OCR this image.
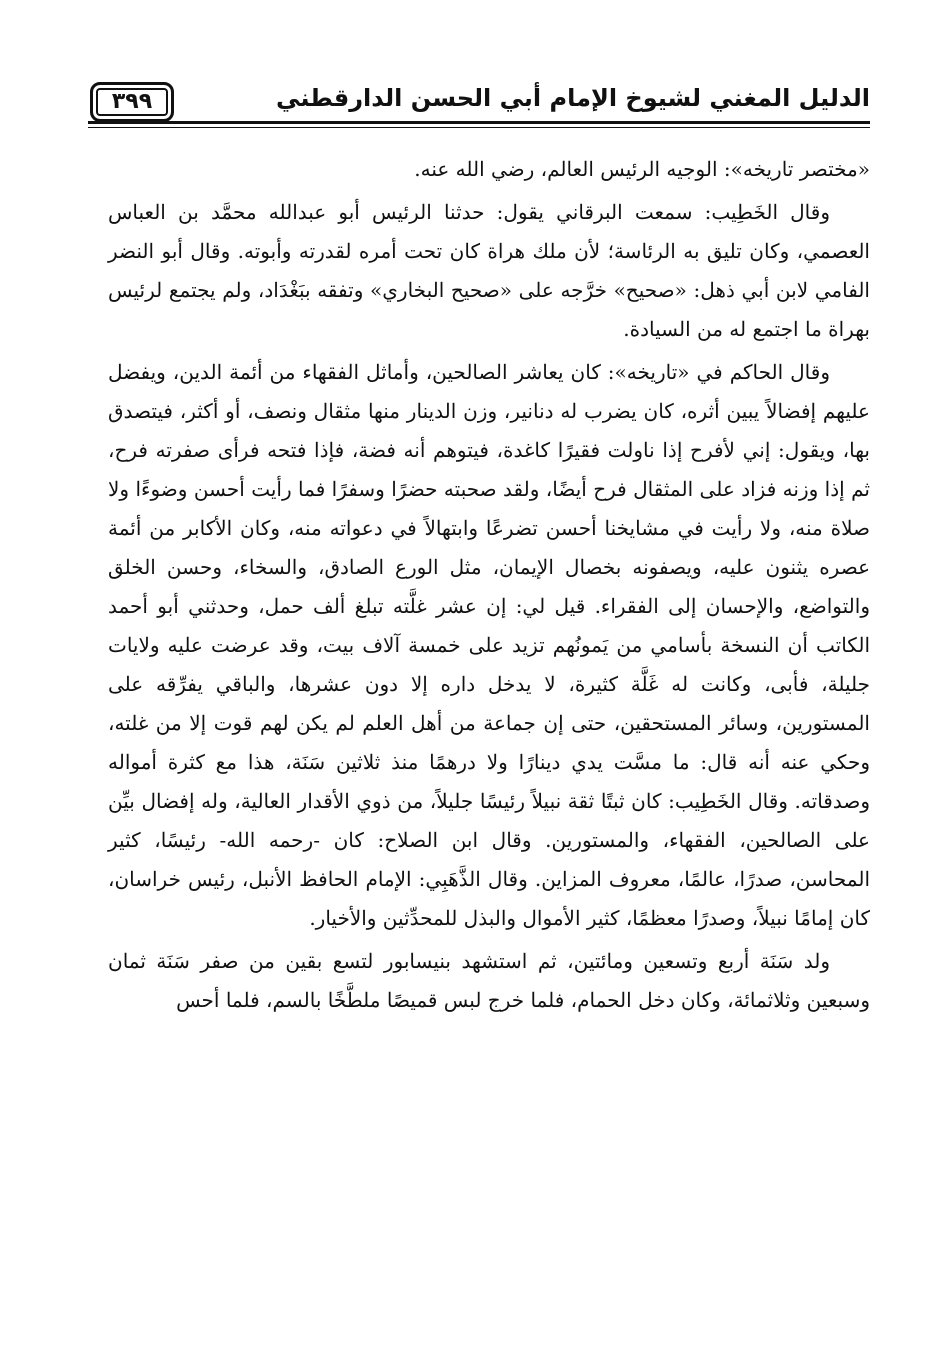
٣٩٩	الدليل المغني لشيوخ الإمام أبي الحسن الدارقطني

«مختصر تاريخه»: الوجيه الرئيس العالم، رضي الله عنه.

وقال الخَطِيب: سمعت البرقاني يقول: حدثنا الرئيس أبو عبدالله محمَّد بن العباس العصمي، وكان تليق به الرئاسة؛ لأن ملك هراة كان تحت أمره لقدرته وأبوته. وقال أبو النضر الفامي لابن أبي ذهل: «صحيح» خرَّجه على «صحيح البخاري» وتفقه ببَغْدَاد، ولم يجتمع لرئيس بهراة ما اجتمع له من السيادة.

وقال الحاكم في «تاريخه»: كان يعاشر الصالحين، وأماثل الفقهاء من أئمة الدين، ويفضل عليهم إفضالاً يبين أثره، كان يضرب له دنانير، وزن الدينار منها مثقال ونصف، أو أكثر، فيتصدق بها، ويقول: إني لأفرح إذا ناولت فقيرًا كاغدة، فيتوهم أنه فضة، فإذا فتحه فرأى صفرته فرح، ثم إذا وزنه فزاد على المثقال فرح أيضًا، ولقد صحبته حضرًا وسفرًا فما رأيت أحسن وضوءًا ولا صلاة منه، ولا رأيت في مشايخنا أحسن تضرعًا وابتهالاً في دعواته منه، وكان الأكابر من أئمة عصره يثنون عليه، ويصفونه بخصال الإيمان، مثل الورع الصادق، والسخاء، وحسن الخلق والتواضع، والإحسان إلى الفقراء. قيل لي: إن عشر غلَّته تبلغ ألف حمل، وحدثني أبو أحمد الكاتب أن النسخة بأسامي من يَمونُهم تزيد على خمسة آلاف بيت، وقد عرضت عليه ولايات جليلة، فأبى، وكانت له غَلَّة كثيرة، لا يدخل داره إلا دون عشرها، والباقي يفرِّقه على المستورين، وسائر المستحقين، حتى إن جماعة من أهل العلم لم يكن لهم قوت إلا من غلته، وحكي عنه أنه قال: ما مسَّت يدي دينارًا ولا درهمًا منذ ثلاثين سَنَة، هذا مع كثرة أمواله وصدقاته. وقال الخَطِيب: كان ثبتًا ثقة نبيلاً رئيسًا جليلاً، من ذوي الأقدار العالية، وله إفضال بيِّن على الصالحين، الفقهاء، والمستورين. وقال ابن الصلاح: كان -رحمه الله- رئيسًا، كثير المحاسن، صدرًا، عالمًا، معروف المزاين. وقال الذَّهَبِي: الإمام الحافظ الأنبل، رئيس خراسان، كان إمامًا نبيلاً، وصدرًا معظمًا، كثير الأموال والبذل للمحدِّثين والأخيار.

ولد سَنَة أربع وتسعين ومائتين، ثم استشهد بنيسابور لتسع بقين من صفر سَنَة ثمان وسبعين وثلاثمائة، وكان دخل الحمام، فلما خرج لبس قميصًا ملطَّخًا بالسم، فلما أحس
